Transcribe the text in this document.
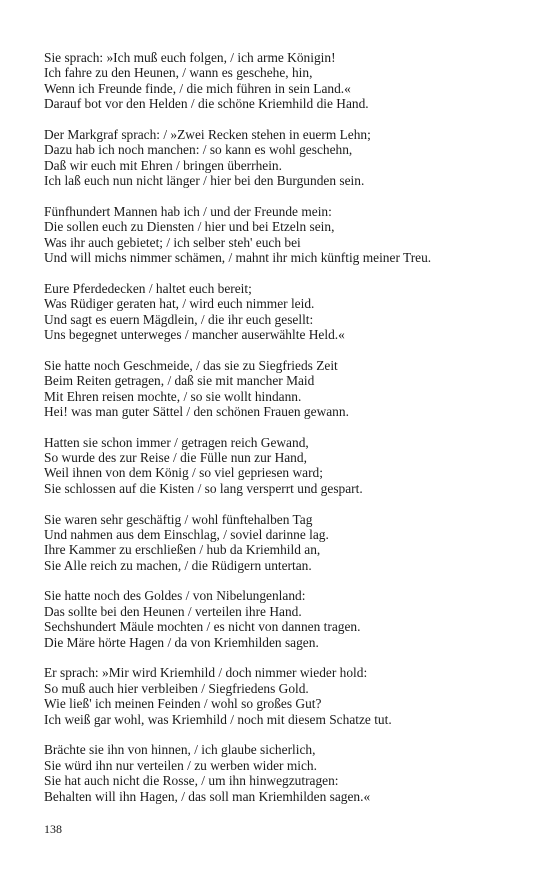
Sie sprach: »Ich muß euch folgen, / ich arme Königin!
Ich fahre zu den Heunen, / wann es geschehe, hin,
Wenn ich Freunde finde, / die mich führen in sein Land.«
Darauf bot vor den Helden / die schöne Kriemhild die Hand.
Der Markgraf sprach: / »Zwei Recken stehen in euerm Lehn;
Dazu hab ich noch manchen: / so kann es wohl geschehn,
Daß wir euch mit Ehren / bringen überrhein.
Ich laß euch nun nicht länger / hier bei den Burgunden sein.
Fünfhundert Mannen hab ich / und der Freunde mein:
Die sollen euch zu Diensten / hier und bei Etzeln sein,
Was ihr auch gebietet; / ich selber steh' euch bei
Und will michs nimmer schämen, / mahnt ihr mich künftig meiner Treu.
Eure Pferdedecken / haltet euch bereit;
Was Rüdiger geraten hat, / wird euch nimmer leid.
Und sagt es euern Mägdlein, / die ihr euch gesellt:
Uns begegnet unterweges / mancher auserwählte Held.«
Sie hatte noch Geschmeide, / das sie zu Siegfrieds Zeit
Beim Reiten getragen, / daß sie mit mancher Maid
Mit Ehren reisen mochte, / so sie wollt hindann.
Hei! was man guter Sättel / den schönen Frauen gewann.
Hatten sie schon immer / getragen reich Gewand,
So wurde des zur Reise / die Fülle nun zur Hand,
Weil ihnen von dem König / so viel gepriesen ward;
Sie schlossen auf die Kisten / so lang versperrt und gespart.
Sie waren sehr geschäftig / wohl fünftehalben Tag
Und nahmen aus dem Einschlag, / soviel darinne lag.
Ihre Kammer zu erschließen / hub da Kriemhild an,
Sie Alle reich zu machen, / die Rüdigern untertan.
Sie hatte noch des Goldes / von Nibelungenland:
Das sollte bei den Heunen / verteilen ihre Hand.
Sechshundert Mäule mochten / es nicht von dannen tragen.
Die Märe hörte Hagen / da von Kriemhilden sagen.
Er sprach: »Mir wird Kriemhild / doch nimmer wieder hold:
So muß auch hier verbleiben / Siegfriedens Gold.
Wie ließ' ich meinen Feinden / wohl so großes Gut?
Ich weiß gar wohl, was Kriemhild / noch mit diesem Schatze tut.
Brächte sie ihn von hinnen, / ich glaube sicherlich,
Sie würd ihn nur verteilen / zu werben wider mich.
Sie hat auch nicht die Rosse, / um ihn hinwegzutragen:
Behalten will ihn Hagen, / das soll man Kriemhilden sagen.«
138
